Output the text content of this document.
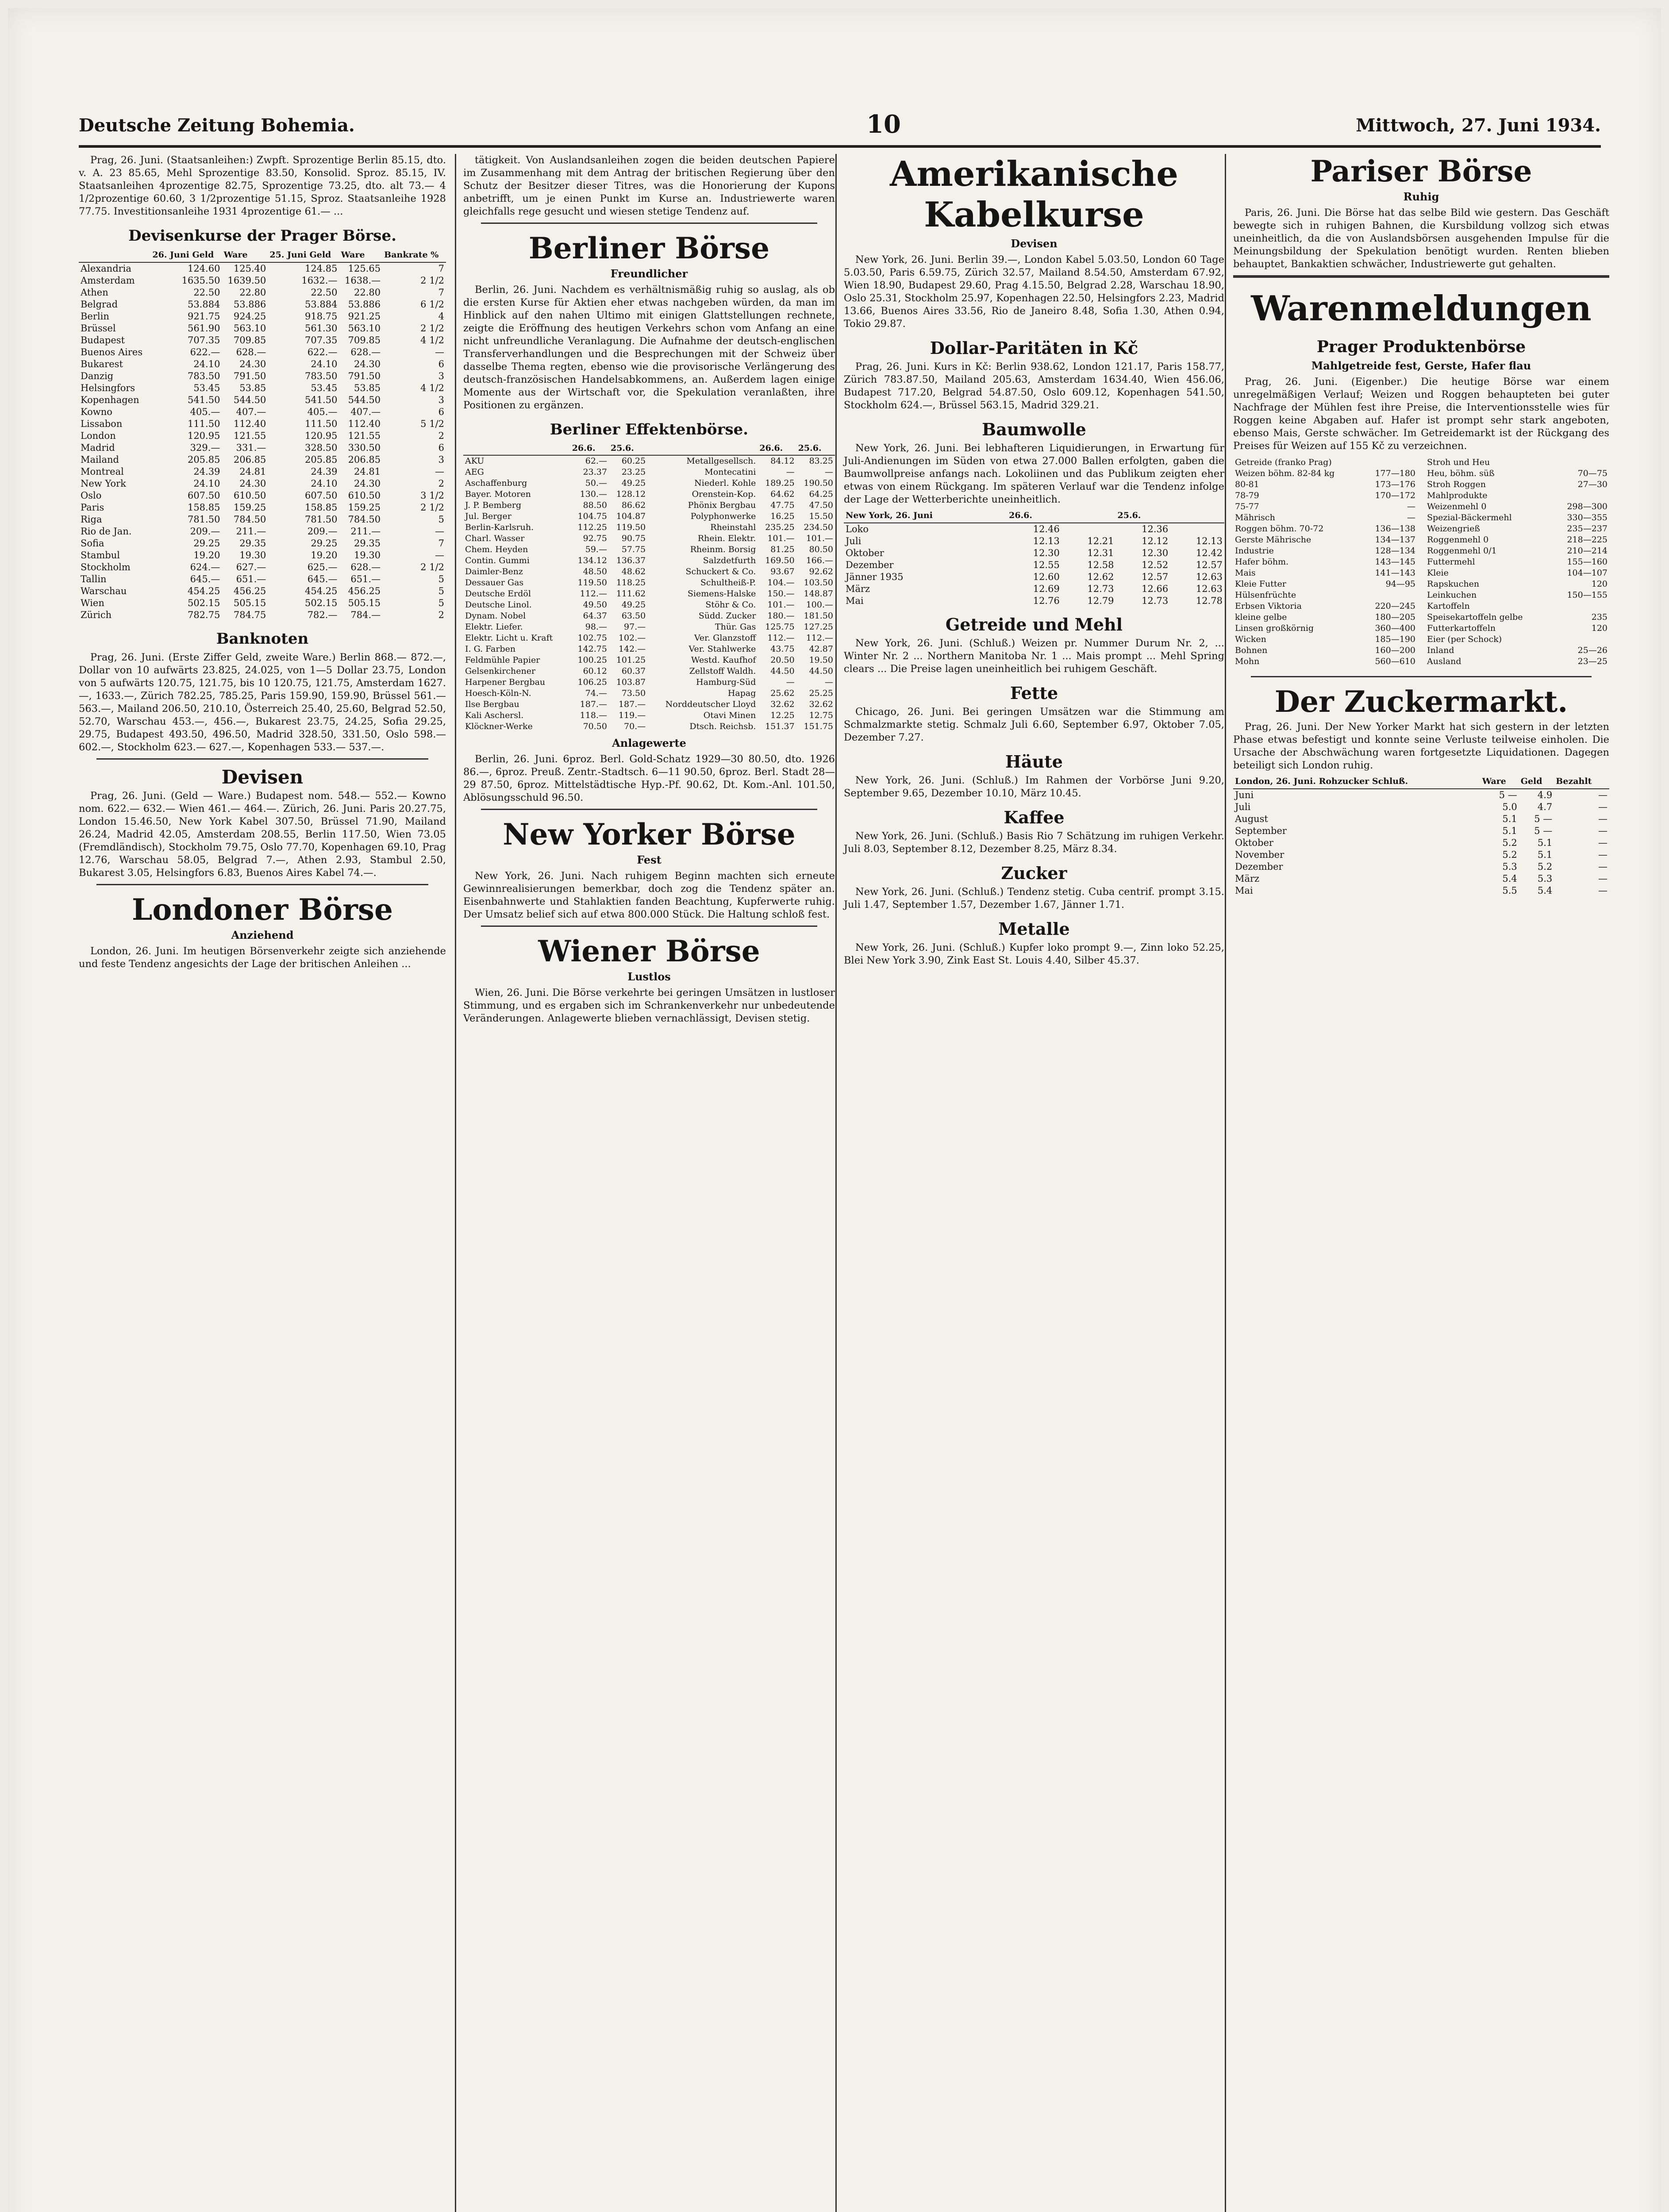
Deutsche Zeitung Bohemia.	10	Mittwoch, 27. Juni 1934.

Prag, 26. Juni. (Staatsanleihen:) Zwpft. Sprozentige Berlin 85.15, dto. v. A. 23 85.65, Mehl Sprozentige 83.50, Konsolid. Sproz. 85.15, IV. Staatsanleihen 4prozentige 82.75, Sprozentige 73.25, dto. alt 73.— 4 1/2prozentige 60.60, 3 1/2prozentige 51.15, Sproz. Staatsanleihe 1928 77.75. Investitionsanleihe 1931 4prozentige 61.— ...

Devisenkurse der Prager Börse.
	26. Juni Geld	Ware	25. Juni Geld	Ware	Bankrate %
Alexandria	124.60	125.40	124.85	125.65	7
Amsterdam	1635.50	1639.50	1632.—	1638.—	2 1/2
Athen	22.50	22.80	22.50	22.80	7
Belgrad	53.884	53.886	53.884	53.886	6 1/2
Berlin	921.75	924.25	918.75	921.25	4
Brüssel	561.90	563.10	561.30	563.10	2 1/2
Budapest	707.35	709.85	707.35	709.85	4 1/2
Buenos Aires	622.—	628.—	622.—	628.—	—
Bukarest	24.10	24.30	24.10	24.30	6
Danzig	783.50	791.50	783.50	791.50	3
Helsingfors	53.45	53.85	53.45	53.85	4 1/2
Kopenhagen	541.50	544.50	541.50	544.50	3
Kowno	405.—	407.—	405.—	407.—	6
Lissabon	111.50	112.40	111.50	112.40	5 1/2
London	120.95	121.55	120.95	121.55	2
Madrid	329.—	331.—	328.50	330.50	6
Mailand	205.85	206.85	205.85	206.85	3
Montreal	24.39	24.81	24.39	24.81	—
New York	24.10	24.30	24.10	24.30	2
Oslo	607.50	610.50	607.50	610.50	3 1/2
Paris	158.85	159.25	158.85	159.25	2 1/2
Riga	781.50	784.50	781.50	784.50	5
Rio de Jan.	209.—	211.—	209.—	211.—	—
Sofia	29.25	29.35	29.25	29.35	7
Stambul	19.20	19.30	19.20	19.30	—
Stockholm	624.—	627.—	625.—	628.—	2 1/2
Tallin	645.—	651.—	645.—	651.—	5
Warschau	454.25	456.25	454.25	456.25	5
Wien	502.15	505.15	502.15	505.15	5
Zürich	782.75	784.75	782.—	784.—	2
Banknoten

Prag, 26. Juni. (Erste Ziffer Geld, zweite Ware.) Berlin 868.— 872.—, Dollar von 10 aufwärts 23.825, 24.025, von 1—5 Dollar 23.75, London von 5 aufwärts 120.75, 121.75, bis 10 120.75, 121.75, Amsterdam 1627.—, 1633.—, Zürich 782.25, 785.25, Paris 159.90, 159.90, Brüssel 561.— 563.—, Mailand 206.50, 210.10, Österreich 25.40, 25.60, Belgrad 52.50, 52.70, Warschau 453.—, 456.—, Bukarest 23.75, 24.25, Sofia 29.25, 29.75, Budapest 493.50, 496.50, Madrid 328.50, 331.50, Oslo 598.— 602.—, Stockholm 623.— 627.—, Kopenhagen 533.— 537.—.

Devisen

Prag, 26. Juni. (Geld — Ware.) Budapest nom. 548.— 552.— Kowno nom. 622.— 632.— Wien 461.— 464.—. Zürich, 26. Juni. Paris 20.27.75, London 15.46.50, New York Kabel 307.50, Brüssel 71.90, Mailand 26.24, Madrid 42.05, Amsterdam 208.55, Berlin 117.50, Wien 73.05 (Fremdländisch), Stockholm 79.75, Oslo 77.70, Kopenhagen 69.10, Prag 12.76, Warschau 58.05, Belgrad 7.—, Athen 2.93, Stambul 2.50, Bukarest 3.05, Helsingfors 6.83, Buenos Aires Kabel 74.—.

Londoner Börse
Anziehend

London, 26. Juni. Im heutigen Börsenverkehr zeigte sich anziehende und feste Tendenz angesichts der Lage der britischen Anleihen ...

tätigkeit. Von Auslandsanleihen zogen die beiden deutschen Papiere im Zusammenhang mit dem Antrag der britischen Regierung über den Schutz der Besitzer dieser Titres, was die Honorierung der Kupons anbetrifft, um je einen Punkt im Kurse an. Industriewerte waren gleichfalls rege gesucht und wiesen stetige Tendenz auf.

Berliner Börse
Freundlicher

Berlin, 26. Juni. Nachdem es verhältnismäßig ruhig so auslag, als ob die ersten Kurse für Aktien eher etwas nachgeben würden, da man im Hinblick auf den nahen Ultimo mit einigen Glattstellungen rechnete, zeigte die Eröffnung des heutigen Verkehrs schon vom Anfang an eine nicht unfreundliche Veranlagung. Die Aufnahme der deutsch-englischen Transferverhandlungen und die Besprechungen mit der Schweiz über dasselbe Thema regten, ebenso wie die provisorische Verlängerung des deutsch-französischen Handelsabkommens, an. Außerdem lagen einige Momente aus der Wirtschaft vor, die Spekulation veranlaßten, ihre Positionen zu ergänzen.

Berliner Effektenbörse.
	26.6.	25.6.		26.6.	25.6.
AKU	62.—	60.25	Metallgesellsch.	84.12	83.25
AEG	23.37	23.25	Montecatini	—	—
Aschaffenburg	50.—	49.25	Niederl. Kohle	189.25	190.50
Bayer. Motoren	130.—	128.12	Orenstein-Kop.	64.62	64.25
J. P. Bemberg	88.50	86.62	Phönix Bergbau	47.75	47.50
Jul. Berger	104.75	104.87	Polyphonwerke	16.25	15.50
Berlin-Karlsruh.	112.25	119.50	Rheinstahl	235.25	234.50
Charl. Wasser	92.75	90.75	Rhein. Elektr.	101.—	101.—
Chem. Heyden	59.—	57.75	Rheinm. Borsig	81.25	80.50
Contin. Gummi	134.12	136.37	Salzdetfurth	169.50	166.—
Daimler-Benz	48.50	48.62	Schuckert & Co.	93.67	92.62
Dessauer Gas	119.50	118.25	Schultheiß-P.	104.—	103.50
Deutsche Erdöl	112.—	111.62	Siemens-Halske	150.—	148.87
Deutsche Linol.	49.50	49.25	Stöhr & Co.	101.—	100.—
Dynam. Nobel	64.37	63.50	Südd. Zucker	180.—	181.50
Elektr. Liefer.	98.—	97.—	Thür. Gas	125.75	127.25
Elektr. Licht u. Kraft	102.75	102.—	Ver. Glanzstoff	112.—	112.—
I. G. Farben	142.75	142.—	Ver. Stahlwerke	43.75	42.87
Feldmühle Papier	100.25	101.25	Westd. Kaufhof	20.50	19.50
Gelsenkirchener	60.12	60.37	Zellstoff Waldh.	44.50	44.50
Harpener Bergbau	106.25	103.87	Hamburg-Süd	—	—
Hoesch-Köln-N.	74.—	73.50	Hapag	25.62	25.25
Ilse Bergbau	187.—	187.—	Norddeutscher Lloyd	32.62	32.62
Kali Aschersl.	118.—	119.—	Otavi Minen	12.25	12.75
Klöckner-Werke	70.50	70.—	Dtsch. Reichsb.	151.37	151.75
Anlagewerte

Berlin, 26. Juni. 6proz. Berl. Gold-Schatz 1929—30 80.50, dto. 1926 86.—, 6proz. Preuß. Zentr.-Stadtsch. 6—11 90.50, 6proz. Berl. Stadt 28—29 87.50, 6proz. Mittelstädtische Hyp.-Pf. 90.62, Dt. Kom.-Anl. 101.50, Ablösungsschuld 96.50.

New Yorker Börse
Fest

New York, 26. Juni. Nach ruhigem Beginn machten sich erneute Gewinnrealisierungen bemerkbar, doch zog die Tendenz später an. Eisenbahnwerte und Stahlaktien fanden Beachtung, Kupferwerte ruhig. Der Umsatz belief sich auf etwa 800.000 Stück. Die Haltung schloß fest.

Wiener Börse
Lustlos

Wien, 26. Juni. Die Börse verkehrte bei geringen Umsätzen in lustloser Stimmung, und es ergaben sich im Schrankenverkehr nur unbedeutende Veränderungen. Anlagewerte blieben vernachlässigt, Devisen stetig.

Amerikanische Kabelkurse
Devisen

New York, 26. Juni. Berlin 39.—, London Kabel 5.03.50, London 60 Tage 5.03.50, Paris 6.59.75, Zürich 32.57, Mailand 8.54.50, Amsterdam 67.92, Wien 18.90, Budapest 29.60, Prag 4.15.50, Belgrad 2.28, Warschau 18.90, Oslo 25.31, Stockholm 25.97, Kopenhagen 22.50, Helsingfors 2.23, Madrid 13.66, Buenos Aires 33.56, Rio de Janeiro 8.48, Sofia 1.30, Athen 0.94, Tokio 29.87.

Dollar-Paritäten in Kč

Prag, 26. Juni. Kurs in Kč: Berlin 938.62, London 121.17, Paris 158.77, Zürich 783.87.50, Mailand 205.63, Amsterdam 1634.40, Wien 456.06, Budapest 717.20, Belgrad 54.87.50, Oslo 609.12, Kopenhagen 541.50, Stockholm 624.—, Brüssel 563.15, Madrid 329.21.

Baumwolle

New York, 26. Juni. Bei lebhafteren Liquidierungen, in Erwartung für Juli-Andienungen im Süden von etwa 27.000 Ballen erfolgten, gaben die Baumwollpreise anfangs nach. Lokoliinen und das Publikum zeigten eher etwas von einem Rückgang. Im späteren Verlauf war die Tendenz infolge der Lage der Wetterberichte uneinheitlich.

New York, 26. Juni	26.6.		25.6.	
Loko	12.46		12.36	
Juli	12.13	12.21	12.12	12.13
Oktober	12.30	12.31	12.30	12.42
Dezember	12.55	12.58	12.52	12.57
Jänner 1935	12.60	12.62	12.57	12.63
März	12.69	12.73	12.66	12.63
Mai	12.76	12.79	12.73	12.78
Getreide und Mehl

New York, 26. Juni. (Schluß.) Weizen pr. Nummer Durum Nr. 2, ... Winter Nr. 2 ... Northern Manitoba Nr. 1 ... Mais prompt ... Mehl Spring clears ... Die Preise lagen uneinheitlich bei ruhigem Geschäft.

Fette

Chicago, 26. Juni. Bei geringen Umsätzen war die Stimmung am Schmalzmarkte stetig. Schmalz Juli 6.60, September 6.97, Oktober 7.05, Dezember 7.27.

Häute

New York, 26. Juni. (Schluß.) Im Rahmen der Vorbörse Juni 9.20, September 9.65, Dezember 10.10, März 10.45.

Kaffee

New York, 26. Juni. (Schluß.) Basis Rio 7 Schätzung im ruhigen Verkehr. Juli 8.03, September 8.12, Dezember 8.25, März 8.34.

Zucker

New York, 26. Juni. (Schluß.) Tendenz stetig. Cuba centrif. prompt 3.15. Juli 1.47, September 1.57, Dezember 1.67, Jänner 1.71.

Metalle

New York, 26. Juni. (Schluß.) Kupfer loko prompt 9.—, Zinn loko 52.25, Blei New York 3.90, Zink East St. Louis 4.40, Silber 45.37.

Pariser Börse
Ruhig

Paris, 26. Juni. Die Börse hat das selbe Bild wie gestern. Das Geschäft bewegte sich in ruhigen Bahnen, die Kursbildung vollzog sich etwas uneinheitlich, da die von Auslandsbörsen ausgehenden Impulse für die Meinungsbildung der Spekulation benötigt wurden. Renten blieben behauptet, Bankaktien schwächer, Industriewerte gut gehalten.

Warenmeldungen
Prager Produktenbörse
Mahlgetreide fest, Gerste, Hafer flau

Prag, 26. Juni. (Eigenber.) Die heutige Börse war einem unregelmäßigen Verlauf; Weizen und Roggen behaupteten bei guter Nachfrage der Mühlen fest ihre Preise, die Interventionsstelle wies für Roggen keine Abgaben auf. Hafer ist prompt sehr stark angeboten, ebenso Mais, Gerste schwächer. Im Getreidemarkt ist der Rückgang des Preises für Weizen auf 155 Kč zu verzeichnen.

Getreide (franko Prag)	
Weizen böhm. 82-84 kg	177—180
80-81	173—176
78-79	170—172
75-77	—
Mährisch	—
Roggen böhm. 70-72	136—138
Gerste Mährische	134—137
Industrie	128—134
Hafer böhm.	143—145
Mais	141—143
Kleie Futter	94—95
Hülsenfrüchte	
Erbsen Viktoria	220—245
kleine gelbe	180—205
Linsen großkörnig	360—400
Wicken	185—190
Bohnen	160—200
Mohn	560—610
Stroh und Heu	
Heu, böhm. süß	70—75
Stroh Roggen	27—30
Mahlprodukte	
Weizenmehl 0	298—300
Spezial-Bäckermehl	330—355
Weizengrieß	235—237
Roggenmehl 0	218—225
Roggenmehl 0/1	210—214
Futtermehl	155—160
Kleie	104—107
Rapskuchen	120
Leinkuchen	150—155
Kartoffeln	
Speisekartoffeln gelbe	235
Futterkartoffeln	120
Eier (per Schock)	
Inland	25—26
Ausland	23—25
Der Zuckermarkt.

Prag, 26. Juni. Der New Yorker Markt hat sich gestern in der letzten Phase etwas befestigt und konnte seine Verluste teilweise einholen. Die Ursache der Abschwächung waren fortgesetzte Liquidationen. Dagegen beteiligt sich London ruhig.

London, 26. Juni. Rohzucker Schluß.	Ware	Geld	Bezahlt
Juni	5 —	4.9	—
Juli	5.0	4.7	—
August	5.1	5 —	—
September	5.1	5 —	—
Oktober	5.2	5.1	—
November	5.2	5.1	—
Dezember	5.3	5.2	—
März	5.4	5.3	—
Mai	5.5	5.4	—
